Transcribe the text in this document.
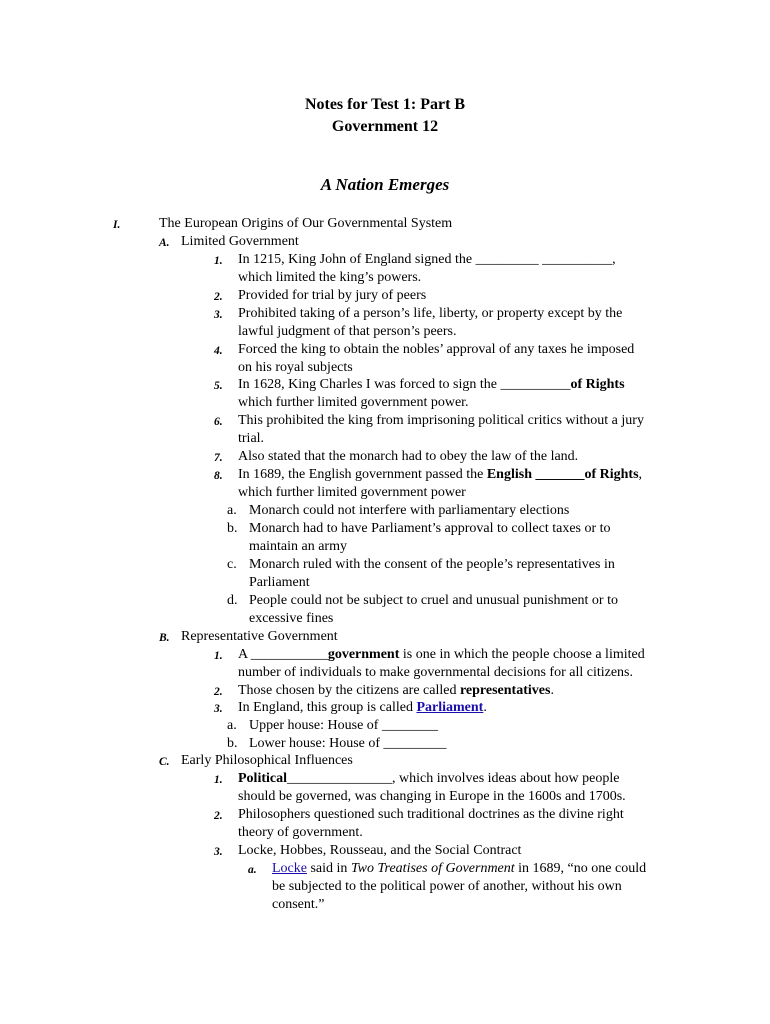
Notes for Test 1: Part B
Government 12
A Nation Emerges
I.	The European Origins of Our Governmental System
A. Limited Government
1. In 1215, King John of England signed the _________ __________,
which limited the king’s powers.
2. Provided for trial by jury of peers
3. Prohibited taking of a person’s life, liberty, or property except by the
lawful judgment of that person’s peers.
4. Forced the king to obtain the nobles’ approval of any taxes he imposed
on his royal subjects
5. In 1628, King Charles I was forced to sign the __________of Rights
which further limited government power.
6. This prohibited the king from imprisoning political critics without a jury
trial.
7. Also stated that the monarch had to obey the law of the land.
8. In 1689, the English government passed the English _______of Rights,
which further limited government power
a. Monarch could not interfere with parliamentary elections
b. Monarch had to have Parliament’s approval to collect taxes or to
maintain an army
c. Monarch ruled with the consent of the people’s representatives in
Parliament
d. People could not be subject to cruel and unusual punishment or to
excessive fines
B. Representative Government
1. A ___________government is one in which the people choose a limited
number of individuals to make governmental decisions for all citizens.
2. Those chosen by the citizens are called representatives.
3. In England, this group is called Parliament.
a. Upper house: House of ________
b. Lower house: House of _________
C. Early Philosophical Influences
1. Political_______________, which involves ideas about how people
should be governed, was changing in Europe in the 1600s and 1700s.
2. Philosophers questioned such traditional doctrines as the divine right
theory of government.
3. Locke, Hobbes, Rousseau, and the Social Contract
a. Locke said in Two Treatises of Government in 1689, “no one could
be subjected to the political power of another, without his own
consent.”
